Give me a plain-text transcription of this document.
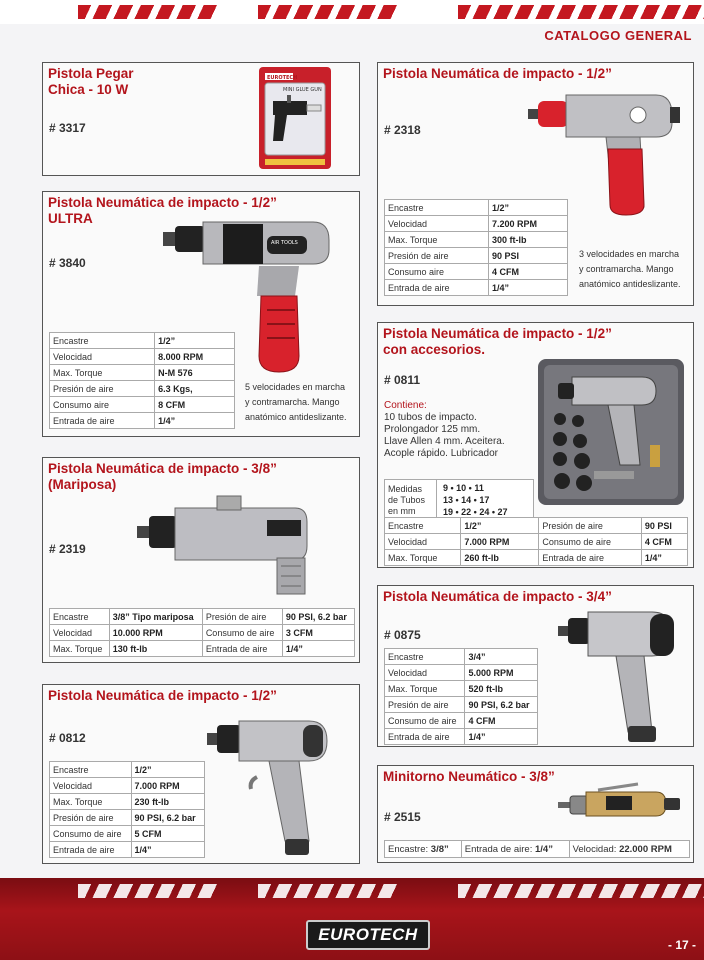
CATALOGO GENERAL
Pistola Pegar
Chica - 10 W
# 3317
EUROTECH
MINI GLUE GUN
Pistola Neumática de impacto - 1/2”
ULTRA
# 3840
AIR TOOLS
Encastre	1/2”
Velocidad	8.000 RPM
Max. Torque	N-M 576
Presión de aire	6.3 Kgs,
Consumo aire	8 CFM
Entrada de aire	1/4”
5 velocidades en marcha
y contramarcha. Mango
anatómico antideslizante.
Pistola Neumática de impacto - 3/8”
(Mariposa)
# 2319
Encastre	3/8” Tipo mariposa	Presión de aire	90 PSI, 6.2 bar
Velocidad	10.000 RPM	Consumo de aire	3 CFM
Max. Torque	130 ft-lb	Entrada de aire	1/4”
Pistola Neumática de impacto - 1/2”
# 0812
Encastre	1/2”
Velocidad	7.000 RPM
Max. Torque	230 ft-lb
Presión de aire	90 PSI, 6.2 bar
Consumo de aire	5 CFM
Entrada de aire	1/4”
Pistola Neumática de impacto - 1/2”
# 2318
Encastre	1/2”
Velocidad	7.200 RPM
Max. Torque	300 ft-lb
Presión de aire	90 PSI
Consumo aire	4 CFM
Entrada de aire	1/4”
3 velocidades en marcha
y contramarcha. Mango
anatómico antideslizante.
Pistola Neumática de impacto - 1/2”
con accesorios.
# 0811
Contiene:
10 tubos de impacto.
Prolongador 125 mm.
Llave Allen 4 mm. Aceitera.
Acople rápido. Lubricador
Medidas de Tubos en mm	
9 • 10 • 11
13 • 14 • 17
19 • 22 • 24 • 27
Encastre	1/2”	Presión de aire	90 PSI
Velocidad	7.000 RPM	Consumo de aire	4 CFM
Max. Torque	260 ft-lb	Entrada de aire	1/4”
Pistola Neumática de impacto - 3/4”
# 0875
Encastre	3/4”
Velocidad	5.000 RPM
Max. Torque	520 ft-lb
Presión de aire	90 PSI, 6.2 bar
Consumo de aire	4 CFM
Entrada de aire	1/4”
Minitorno Neumático - 3/8”
# 2515
Encastre: 3/8”	Entrada de aire: 1/4”	Velocidad: 22.000 RPM
EUROTECH
- 17 -
